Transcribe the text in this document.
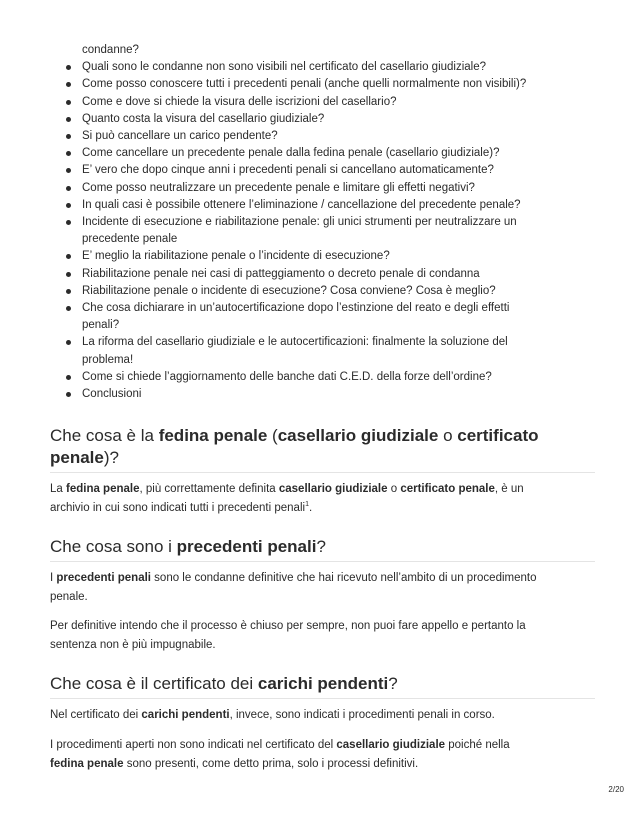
condanne?
Quali sono le condanne non sono visibili nel certificato del casellario giudiziale?
Come posso conoscere tutti i precedenti penali (anche quelli normalmente non visibili)?
Come e dove si chiede la visura delle iscrizioni del casellario?
Quanto costa la visura del casellario giudiziale?
Si può cancellare un carico pendente?
Come cancellare un precedente penale dalla fedina penale (casellario giudiziale)?
E’ vero che dopo cinque anni i precedenti penali si cancellano automaticamente?
Come posso neutralizzare un precedente penale e limitare gli effetti negativi?
In quali casi è possibile ottenere l’eliminazione / cancellazione del precedente penale?
Incidente di esecuzione e riabilitazione penale: gli unici strumenti per neutralizzare un
precedente penale
E’ meglio la riabilitazione penale o l’incidente di esecuzione?
Riabilitazione penale nei casi di patteggiamento o decreto penale di condanna
Riabilitazione penale o incidente di esecuzione? Cosa conviene? Cosa è meglio?
Che cosa dichiarare in un’autocertificazione dopo l’estinzione del reato e degli effetti
penali?
La riforma del casellario giudiziale e le autocertificazioni: finalmente la soluzione del
problema!
Come si chiede l’aggiornamento delle banche dati C.E.D. della forze dell’ordine?
Conclusioni
Che cosa è la fedina penale (casellario giudiziale o certificato
penale)?

La fedina penale, più correttamente definita casellario giudiziale o certificato penale, è un
archivio in cui sono indicati tutti i precedenti penali$^1$.

Che cosa sono i precedenti penali?

I precedenti penali sono le condanne definitive che hai ricevuto nell’ambito di un procedimento
penale.

Per definitive intendo che il processo è chiuso per sempre, non puoi fare appello e pertanto la
sentenza non è più impugnabile.

Che cosa è il certificato dei carichi pendenti?

Nel certificato dei carichi pendenti, invece, sono indicati i procedimenti penali in corso.

I procedimenti aperti non sono indicati nel certificato del casellario giudiziale poiché nella
fedina penale sono presenti, come detto prima, solo i processi definitivi.

2/20
